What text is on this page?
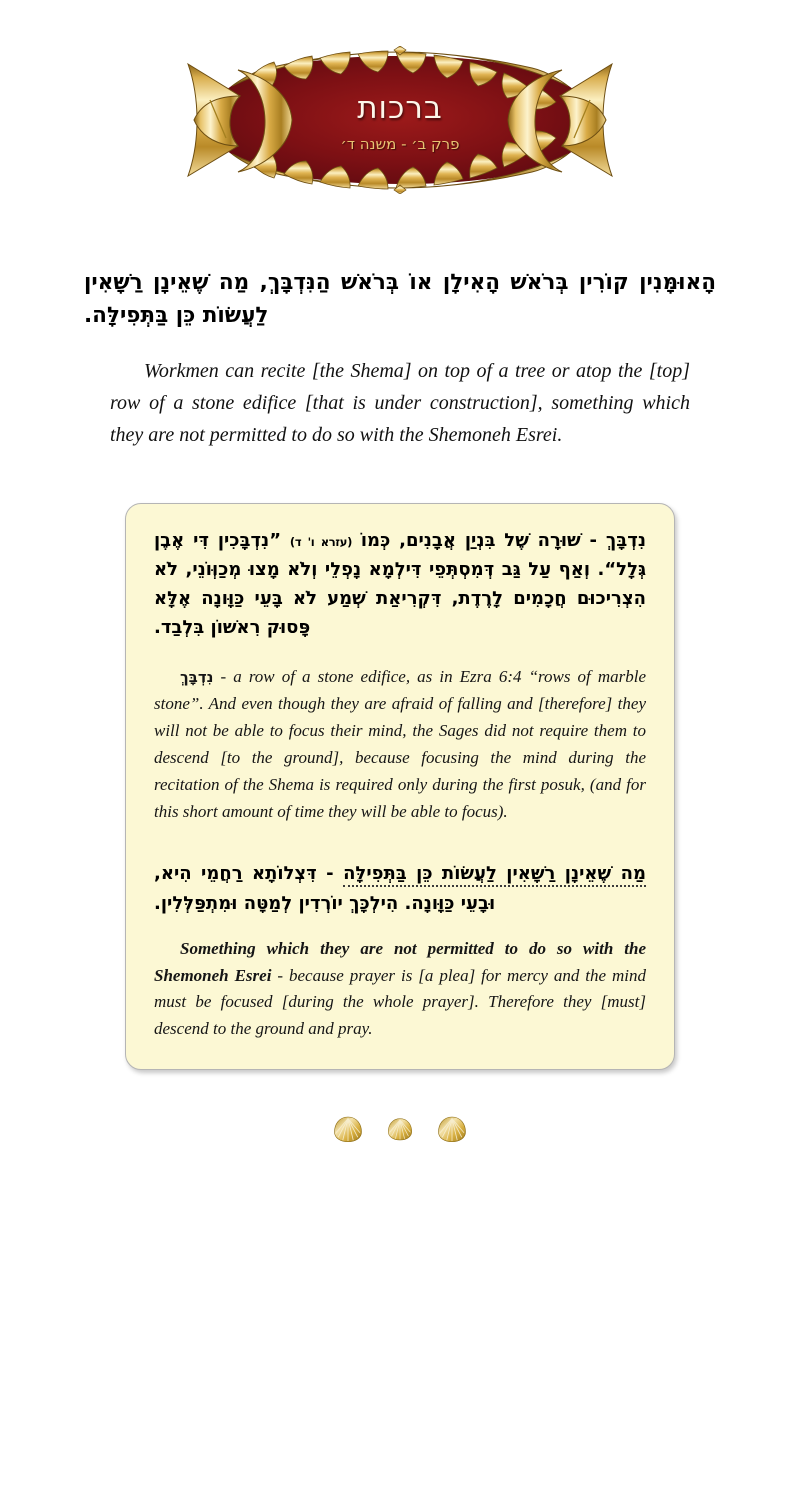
ברכות
פרק ב׳ - משנה ד׳
הָאוּמָּנִין קוֹרִין בְּרֹאשׁ הָאִילָן אוֹ בְּרֹאשׁ הַנִּדְבָּךְ, מַה שֶׁאֵינָן רַשָּׁאִין לַעֲשׂוֹת כֵּן בַּתְּפִילָּה.
Workmen can recite [the Shema] on top of a tree or atop the [top] row of a stone edifice [that is under construction], something which they are not permitted to do so with the Shemoneh Esrei.
נִדְבָּךְ - שׁוּרָה שֶׁל בִּנְיַן אֲבָנִים, כְּמוֹ (עזרא ו' ד) ”נִדְבָּכִין דִּי אֶבֶן גְּלָל“. וְאַף עַל גַּב דְּמִסְתְּפֵי דִּילְמָא נָפְלֵי וְלֹא מָצוּ מְכַוְּוֹנֵי, לֹא הִצְרִיכוּם חֲכָמִים לָרֶדֶת, דִּקְרִיאַת שְׁמַע לֹא בָּעֵי כַּוָּונָה אֶלָּא פָּסוּק רִאשׁוֹן בִּלְבַד.
נִדְבָּךְ - a row of a stone edifice, as in Ezra 6:4 “rows of marble stone”. And even though they are afraid of falling and [therefore] they will not be able to focus their mind, the Sages did not require them to descend [to the ground], because focusing the mind during the recitation of the Shema is required only during the first posuk, (and for this short amount of time they will be able to focus).
מַה שֶׁאֵינָן רַשָּׁאִין לַעֲשׂוֹת כֵּן בַּתְּפִילָּה - דִּצְלוֹתָא רַחֲמֵי הִיא, וּבָעֵי כַּוָּונָה. הִילְכָּךְ יוֹרְדִין לְמַטָּה וּמִתְפַּלְּלִין.
Something which they are not permitted to do so with the Shemoneh Esrei - because prayer is [a plea] for mercy and the mind must be focused [during the whole prayer]. Therefore they [must] descend to the ground and pray.
